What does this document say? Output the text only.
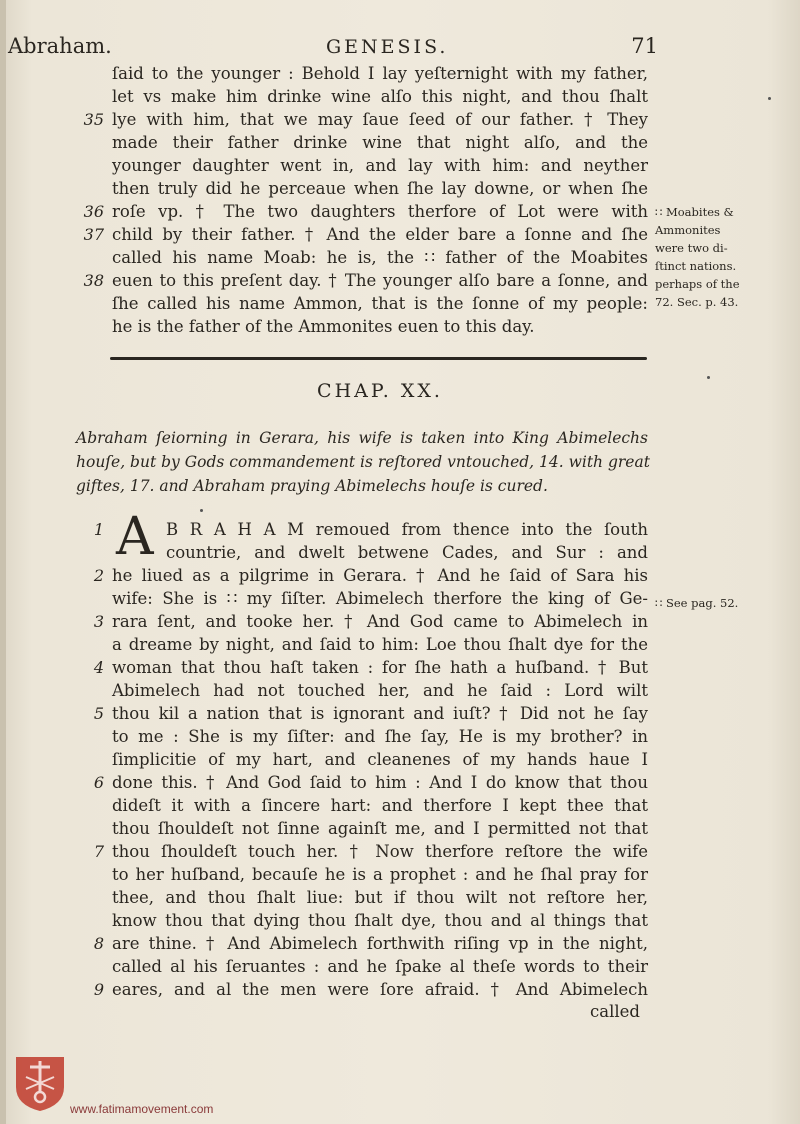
Abraham.	GENESIS.	71
ſaid to the younger : Behold I lay yeſternight with my father,
let vs make him drinke wine alſo this night, and thou ſhalt
35 lye with him, that we may ſaue ſeed of our father. † They
made their father drinke wine that night alſo, and the
younger daughter went in, and lay with him: and neyther
then truly did he perceaue when ſhe lay downe, or when ſhe
36 roſe vp. † The two daughters therfore of Lot were with
37 child by their father. † And the elder bare a ſonne and ſhe
called his name Moab: he is, the ∷ father of the Moabites
38 euen to this preſent day. † The younger alſo bare a ſonne, and
ſhe called his name Ammon, that is the ſonne of my people:
he is the father of the Ammonites euen to this day.
∷ Moabites &
Ammonites
were two di-
ſtinct nations.
perhaps of the
72. Sec. p. 43.
∷ See pag. 52.
CHAP. XX.
Abraham ſeiorning in Gerara, his wife is taken into King Abimelechs
houſe, but by Gods commandement is reſtored vntouched, 14. with great
giftes, 17. and Abraham praying Abimelechs houſe is cured.
1 A B R A H A M remoued from thence into the ſouth
countrie, and dwelt betwene Cades, and Sur : and
2 he liued as a pilgrime in Gerara. † And he ſaid of Sara his
wife: She is ∷ my ſiſter. Abimelech therfore the king of Ge-
3 rara ſent, and tooke her. † And God came to Abimelech in
a dreame by night, and ſaid to him: Loe thou ſhalt dye for the
4 woman that thou haſt taken : for ſhe hath a huſband. † But
Abimelech had not touched her, and he ſaid : Lord wilt
5 thou kil a nation that is ignorant and iuſt? † Did not he ſay
to me : She is my ſiſter: and ſhe ſay, He is my brother? in
ſimplicitie of my hart, and cleanenes of my hands haue I
6 done this. † And God ſaid to him : And I do know that thou
dideſt it with a ſincere hart: and therfore I kept thee that
thou ſhouldeſt not ſinne againſt me, and I permitted not that
7 thou ſhouldeſt touch her. † Now therfore reſtore the wife
to her huſband, becauſe he is a prophet : and he ſhal pray for
thee, and thou ſhalt liue: but if thou wilt not reſtore her,
know thou that dying thou ſhalt dye, thou and al things that
8 are thine. † And Abimelech forthwith riſing vp in the night,
called al his ſeruantes : and he ſpake al theſe words to their
9 eares, and al the men were ſore afraid. † And Abimelech
called
www.fatimamovement.com
